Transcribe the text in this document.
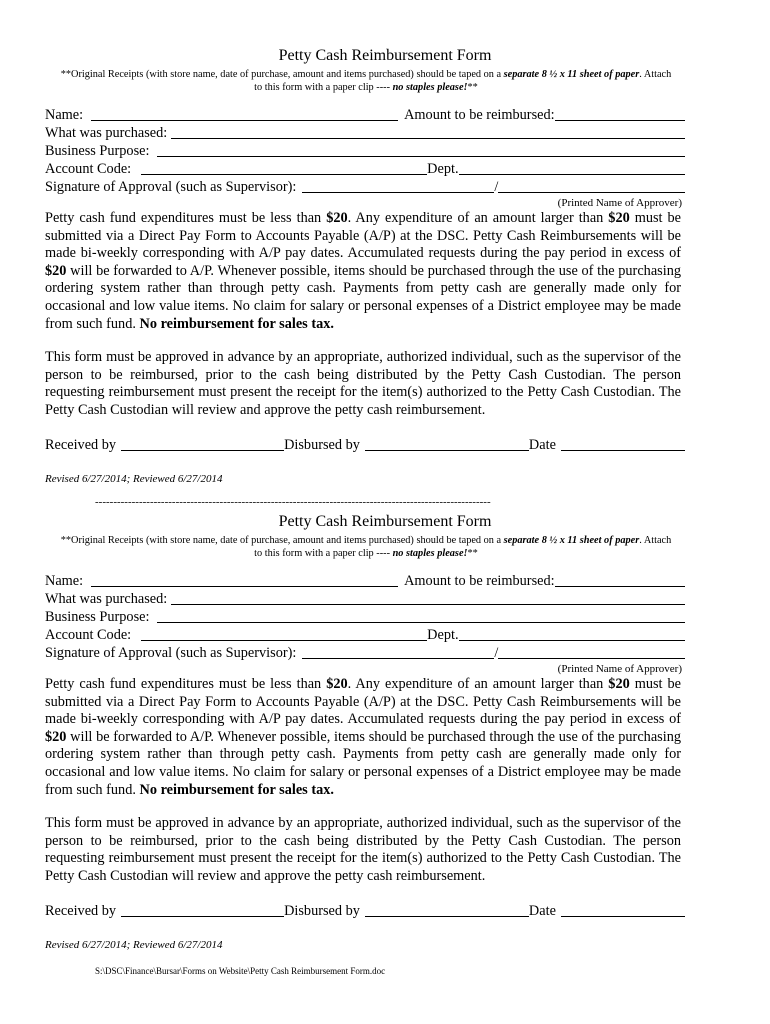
Petty Cash Reimbursement Form

**Original Receipts (with store name, date of purchase, amount and items purchased) should be taped on a separate 8 ½ x 11 sheet of paper. Attach to this form with a paper clip ---- no staples please!**

Name:	Amount to be reimbursed:
What was purchased:
Business Purpose:
Account Code:	Dept.
Signature of Approval (such as Supervisor):	/
(Printed Name of Approver)

Petty cash fund expenditures must be less than $20. Any expenditure of an amount larger than $20 must be submitted via a Direct Pay Form to Accounts Payable (A/P) at the DSC. Petty Cash Reimbursements will be made bi-weekly corresponding with A/P pay dates. Accumulated requests during the pay period in excess of $20 will be forwarded to A/P. Whenever possible, items should be purchased through the use of the purchasing ordering system rather than through petty cash. Payments from petty cash are generally made only for occasional and low value items. No claim for salary or personal expenses of a District employee may be made from such fund. No reimbursement for sales tax.

This form must be approved in advance by an appropriate, authorized individual, such as the supervisor of the person to be reimbursed, prior to the cash being distributed by the Petty Cash Custodian. The person requesting reimbursement must present the receipt for the item(s) authorized to the Petty Cash Custodian. The Petty Cash Custodian will review and approve the petty cash reimbursement.

Received by	Disbursed by	Date
Revised 6/27/2014; Reviewed 6/27/2014
------------------------------------------------------------------------------------------------------------

Petty Cash Reimbursement Form

**Original Receipts (with store name, date of purchase, amount and items purchased) should be taped on a separate 8 ½ x 11 sheet of paper. Attach to this form with a paper clip ---- no staples please!**

Name:	Amount to be reimbursed:
What was purchased:
Business Purpose:
Account Code:	Dept.
Signature of Approval (such as Supervisor):	/
(Printed Name of Approver)

Petty cash fund expenditures must be less than $20. Any expenditure of an amount larger than $20 must be submitted via a Direct Pay Form to Accounts Payable (A/P) at the DSC. Petty Cash Reimbursements will be made bi-weekly corresponding with A/P pay dates. Accumulated requests during the pay period in excess of $20 will be forwarded to A/P. Whenever possible, items should be purchased through the use of the purchasing ordering system rather than through petty cash. Payments from petty cash are generally made only for occasional and low value items. No claim for salary or personal expenses of a District employee may be made from such fund. No reimbursement for sales tax.

This form must be approved in advance by an appropriate, authorized individual, such as the supervisor of the person to be reimbursed, prior to the cash being distributed by the Petty Cash Custodian. The person requesting reimbursement must present the receipt for the item(s) authorized to the Petty Cash Custodian. The Petty Cash Custodian will review and approve the petty cash reimbursement.

Received by	Disbursed by	Date
Revised 6/27/2014; Reviewed 6/27/2014
S:\DSC\Finance\Bursar\Forms on Website\Petty Cash Reimbursement Form.doc
